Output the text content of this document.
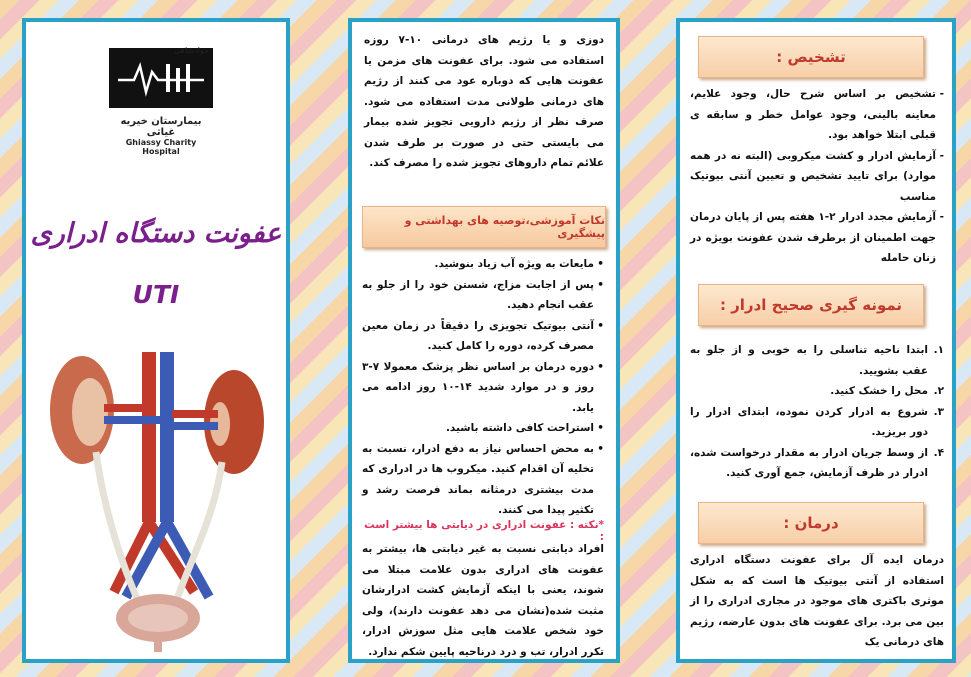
جواد‌شاهی
بیمارستان خیریه غیاثی
Ghiassy Charity Hospital
عفونت دستگاه ادراری
UTI
دوزی و یا رژیم های درمانی ۱۰-۷ روزه استفاده می شود. برای عفونت های مزمن یا عفونت هایی که دوباره عود می کنند از رژیم های درمانی طولانی مدت استفاده می شود. صرف نظر از رژیم دارویی تجویز شده بیمار می بایستی حتی در صورت بر طرف شدن علائم تمام داروهای تجویز شده را مصرف کند.
نکات آموزشی،توصیه های بهداشتی و پیشگیری
• مایعات به ویژه آب زیاد بنوشید.
• پس از اجابت مزاج، شستن خود را از جلو به عقب انجام دهید.
• آنتی بیوتیک تجویزی را دقیقاً در زمان معین مصرف کرده، دوره را کامل کنید.
• دوره درمان بر اساس نظر پزشک معمولا ۷-۳ روز و در موارد شدید ۱۴-۱۰ روز ادامه می یابد.
• استراحت کافی داشته باشید.
• به محض احساس نیاز به دفع ادرار، نسبت به تخلیه آن اقدام کنید. میکروب ها در ادراری که مدت بیشتری درمثانه بماند فرصت رشد و تکثیر پیدا می کنند.
*نکته : عفونت ادراری در دیابتی ها بیشتر است :
افراد دیابتی نسبت به غیر دیابتی ها، بیشتر به عفونت های ادراری بدون علامت مبتلا می شوند، یعنی با اینکه آزمایش کشت ادرارشان مثبت شده(نشان می دهد عفونت دارند)، ولی خود شخص علامت هایی مثل سوزش ادرار، تکرر ادرار، تب و درد درناحیه پایین شکم ندارد.
تشخیص :
- تشخیص بر اساس شرح حال، وجود علایم، معاینه بالینی، وجود عوامل خطر و سابقه ی قبلی ابتلا خواهد بود.
- آزمایش ادرار و کشت میکروبی (البته نه در همه موارد) برای تایید تشخیص و تعیین آنتی بیوتیک مناسب
- آزمایش مجدد ادرار ۲-۱ هفته پس از پایان درمان جهت اطمینان از برطرف شدن عفونت بویژه در زنان حامله
نمونه گیری صحیح ادرار :
۱.
ابتدا ناحیه تناسلی را به خوبی و از جلو به عقب بشویید.
۲.
محل را خشک کنید.
۳.
شروع به ادرار کردن نموده، ابتدای ادرار را دور بریزید.
۴.
از وسط جریان ادرار به مقدار درخواست شده، ادرار در ظرف آزمایش، جمع آوری کنید.
درمان :
درمان ایده آل برای عفونت دستگاه ادراری استفاده از آنتی بیوتیک ها است که به شکل موثری باکتری های موجود در مجاری ادراری را از بین می برد. برای عفونت های بدون عارضه، رژیم های درمانی یک
